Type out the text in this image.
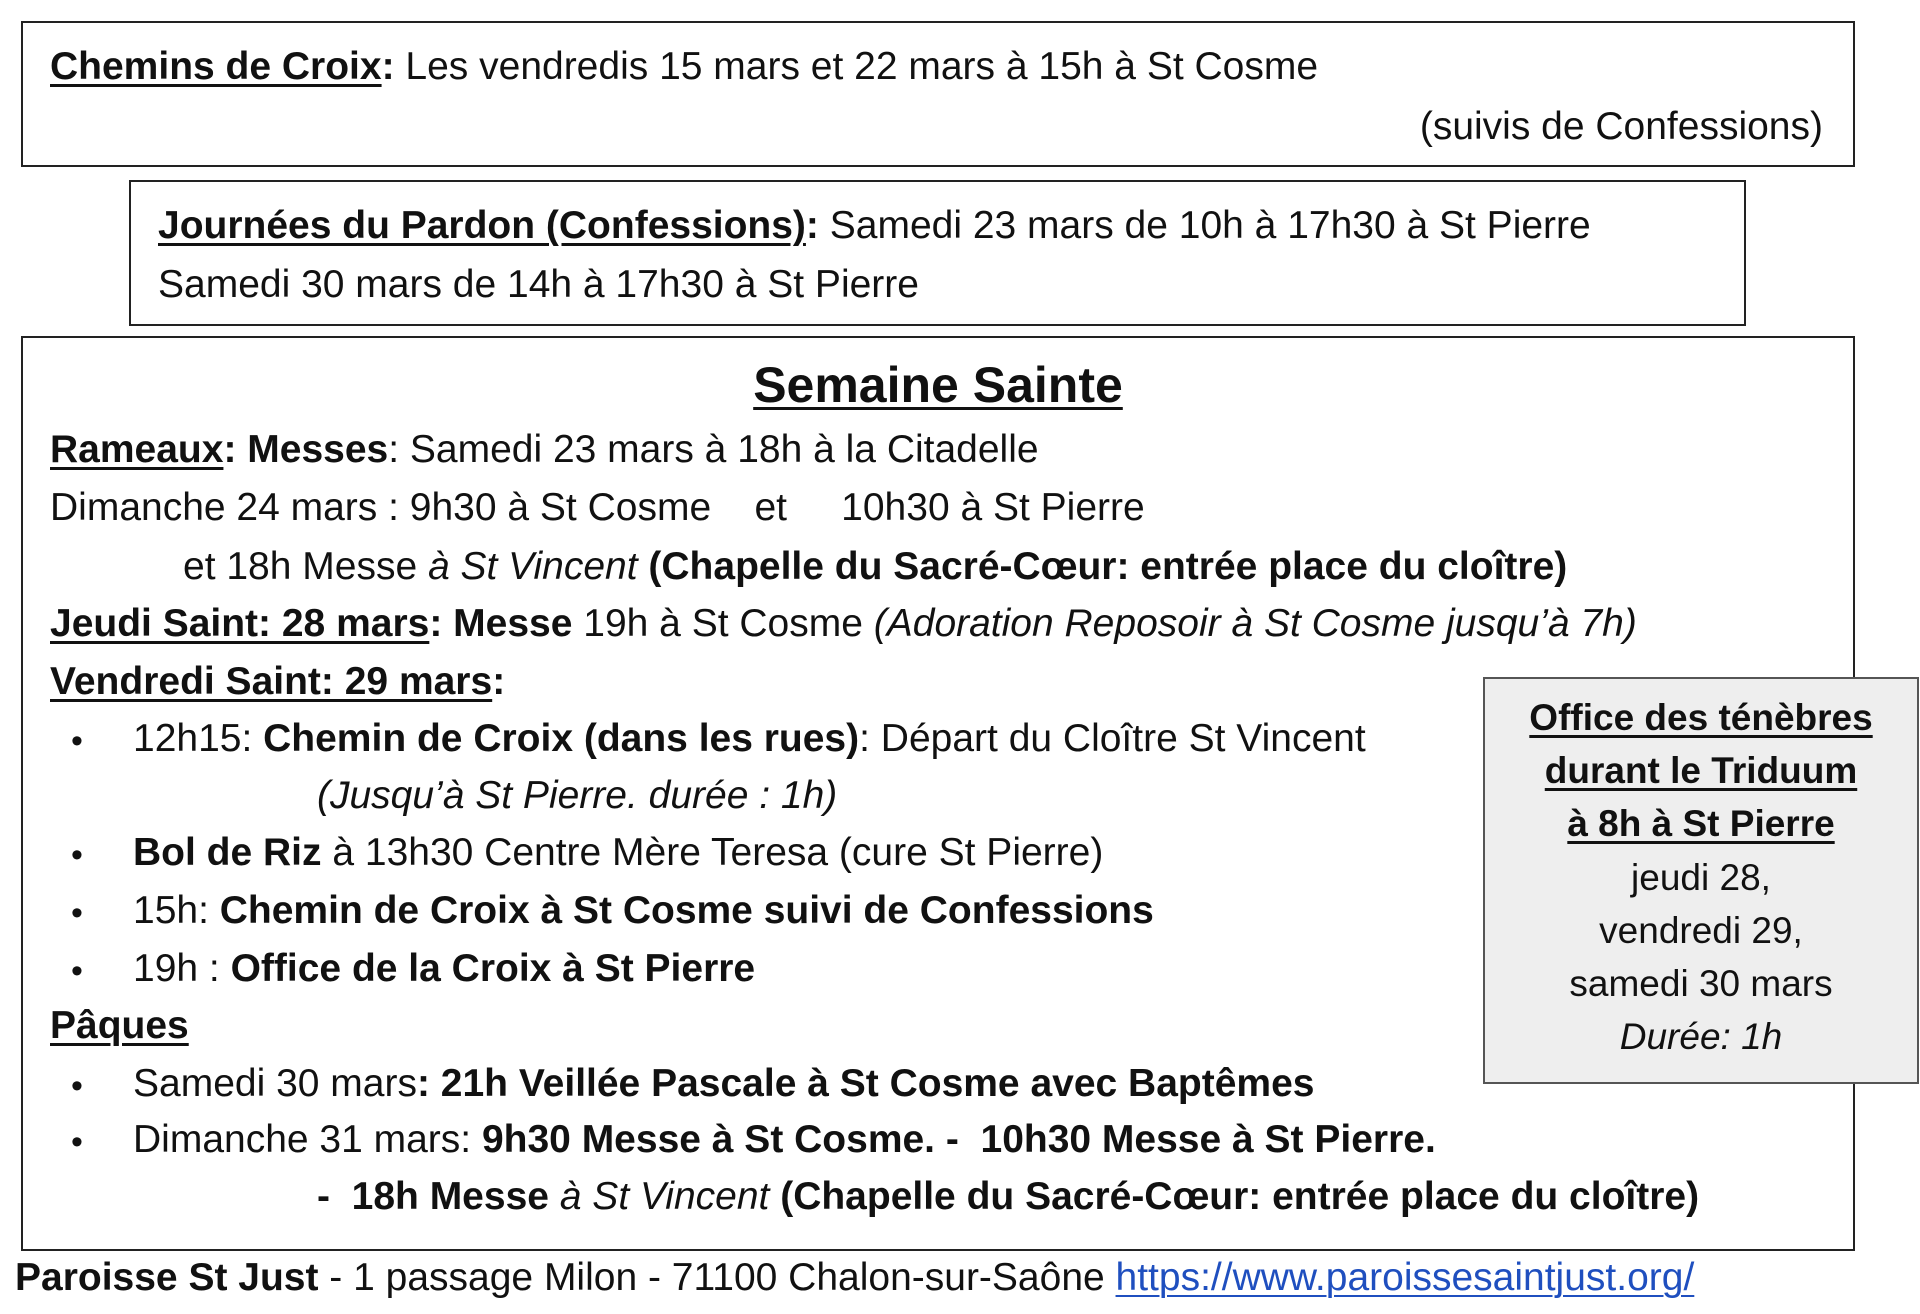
Chemins de Croix: Les vendredis 15 mars et 22 mars à 15h à St Cosme
(suivis de Confessions)
Journées du Pardon (Confessions): Samedi 23 mars de 10h à 17h30 à St Pierre
Samedi 30 mars de 14h à 17h30 à St Pierre
Semaine Sainte
Rameaux: Messes: Samedi 23 mars à 18h à la Citadelle
Dimanche 24 mars : 9h30 à St Cosme    et     10h30 à St Pierre
et 18h Messe à St Vincent (Chapelle du Sacré-Cœur: entrée place du cloître)
Jeudi Saint: 28 mars: Messe 19h à St Cosme (Adoration Reposoir à St Cosme jusqu’à 7h)
Vendredi Saint: 29 mars:
• 12h15: Chemin de Croix (dans les rues): Départ du Cloître St Vincent
(Jusqu’à St Pierre. durée : 1h)
• Bol de Riz à 13h30 Centre Mère Teresa (cure St Pierre)
• 15h: Chemin de Croix à St Cosme suivi de Confessions
• 19h : Office de la Croix à St Pierre
Pâques
• Samedi 30 mars: 21h Veillée Pascale à St Cosme avec Baptêmes
• Dimanche 31 mars: 9h30 Messe à St Cosme. -  10h30 Messe à St Pierre.
-  18h Messe à St Vincent (Chapelle du Sacré-Cœur: entrée place du cloître)
Office des ténèbres
durant le Triduum
à 8h à St Pierre
jeudi 28,
vendredi 29,
samedi 30 mars
Durée: 1h
Paroisse St Just - 1 passage Milon - 71100 Chalon-sur-Saône https://www.paroissesaintjust.org/
